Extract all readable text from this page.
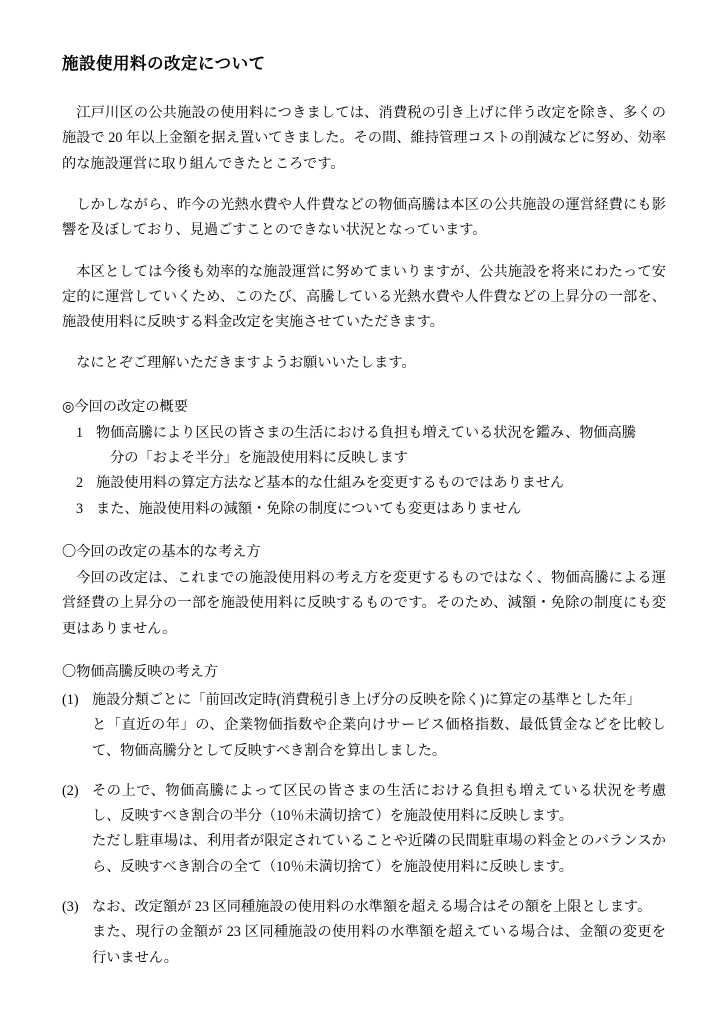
施設使用料の改定について

江戸川区の公共施設の使用料につきましては、消費税の引き上げに伴う改定を除き、多くの施設で 20 年以上金額を据え置いてきました。その間、維持管理コストの削減などに努め、効率的な施設運営に取り組んできたところです。

しかしながら、昨今の光熱水費や人件費などの物価高騰は本区の公共施設の運営経費にも影響を及ぼしており、見過ごすことのできない状況となっています。

本区としては今後も効率的な施設運営に努めてまいりますが、公共施設を将来にわたって安定的に運営していくため、このたび、高騰している光熱水費や人件費などの上昇分の一部を、施設使用料に反映する料金改定を実施させていただきます。

なにとぞご理解いただきますようお願いいたします。

◎今回の改定の概要
1 物価高騰により区民の皆さまの生活における負担も増えている状況を鑑み、物価高騰
分の「およそ半分」を施設使用料に反映します
2 施設使用料の算定方法など基本的な仕組みを変更するものではありません
3 また、施設使用料の減額・免除の制度についても変更はありません
〇今回の改定の基本的な考え方

今回の改定は、これまでの施設使用料の考え方を変更するものではなく、物価高騰による運営経費の上昇分の一部を施設使用料に反映するものです。そのため、減額・免除の制度にも変更はありません。

〇物価高騰反映の考え方
(1) 施設分類ごとに「前回改定時(消費税引き上げ分の反映を除く)に算定の基準とした年」

と「直近の年」の、企業物価指数や企業向けサービス価格指数、最低賃金などを比較して、物価高騰分として反映すべき割合を算出しました。

(2) その上で、物価高騰によって区民の皆さまの生活における負担も増えている状況を考慮し、反映すべき割合の半分（10％未満切捨て）を施設使用料に反映します。

ただし駐車場は、利用者が限定されていることや近隣の民間駐車場の料金とのバランスから、反映すべき割合の全て（10％未満切捨て）を施設使用料に反映します。

(3) なお、改定額が 23 区同種施設の使用料の水準額を超える場合はその額を上限とします。

また、現行の金額が 23 区同種施設の使用料の水準額を超えている場合は、金額の変更を行いません。
